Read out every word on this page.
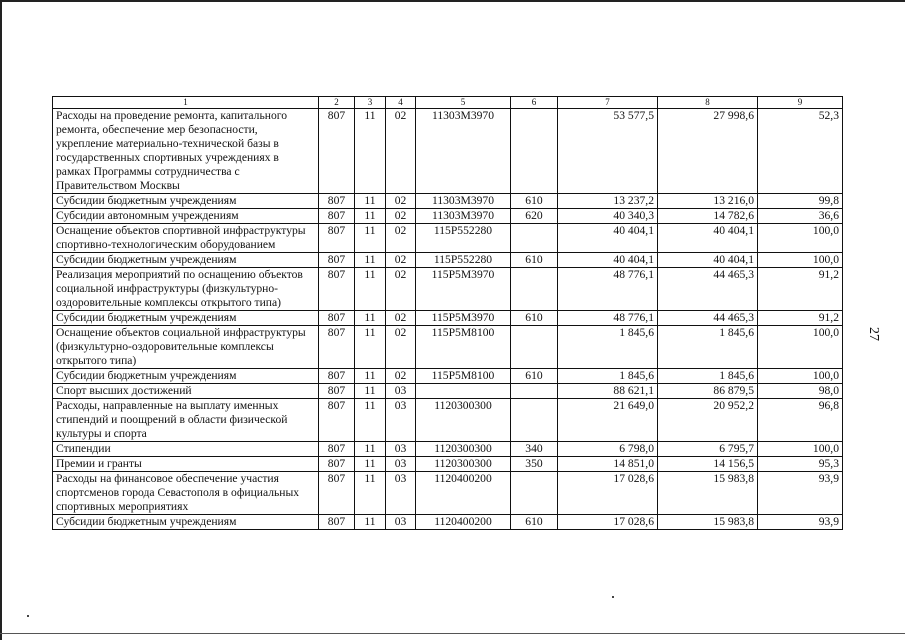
27
1	2	3	4	5	6	7	8	9
Расходы на проведение ремонта, капитального ремонта, обеспечение мер безопасности, укрепление материально-технической базы в государственных спортивных учреждениях в рамках Программы сотрудничества с Правительством Москвы	807	11	02	11303М3970		53 577,5	27 998,6	52,3
Субсидии бюджетным учреждениям	807	11	02	11303М3970	610	13 237,2	13 216,0	99,8
Субсидии автономным учреждениям	807	11	02	11303М3970	620	40 340,3	14 782,6	36,6
Оснащение объектов спортивной инфраструктуры спортивно-технологическим оборудованием	807	11	02	115P552280		40 404,1	40 404,1	100,0
Субсидии бюджетным учреждениям	807	11	02	115P552280	610	40 404,1	40 404,1	100,0
Реализация мероприятий по оснащению объектов социальной инфраструктуры (физкультурно-оздоровительные комплексы открытого типа)	807	11	02	115P5М3970		48 776,1	44 465,3	91,2
Субсидии бюджетным учреждениям	807	11	02	115P5М3970	610	48 776,1	44 465,3	91,2
Оснащение объектов социальной инфраструктуры (физкультурно-оздоровительные комплексы открытого типа)	807	11	02	115P5М8100		1 845,6	1 845,6	100,0
Субсидии бюджетным учреждениям	807	11	02	115P5М8100	610	1 845,6	1 845,6	100,0
Спорт высших достижений	807	11	03			88 621,1	86 879,5	98,0
Расходы, направленные на выплату именных стипендий и поощрений в области физической культуры и спорта	807	11	03	1120300300		21 649,0	20 952,2	96,8
Стипендии	807	11	03	1120300300	340	6 798,0	6 795,7	100,0
Премии и гранты	807	11	03	1120300300	350	14 851,0	14 156,5	95,3
Расходы на финансовое обеспечение участия спортсменов города Севастополя в официальных спортивных мероприятиях	807	11	03	1120400200		17 028,6	15 983,8	93,9
Субсидии бюджетным учреждениям	807	11	03	1120400200	610	17 028,6	15 983,8	93,9
